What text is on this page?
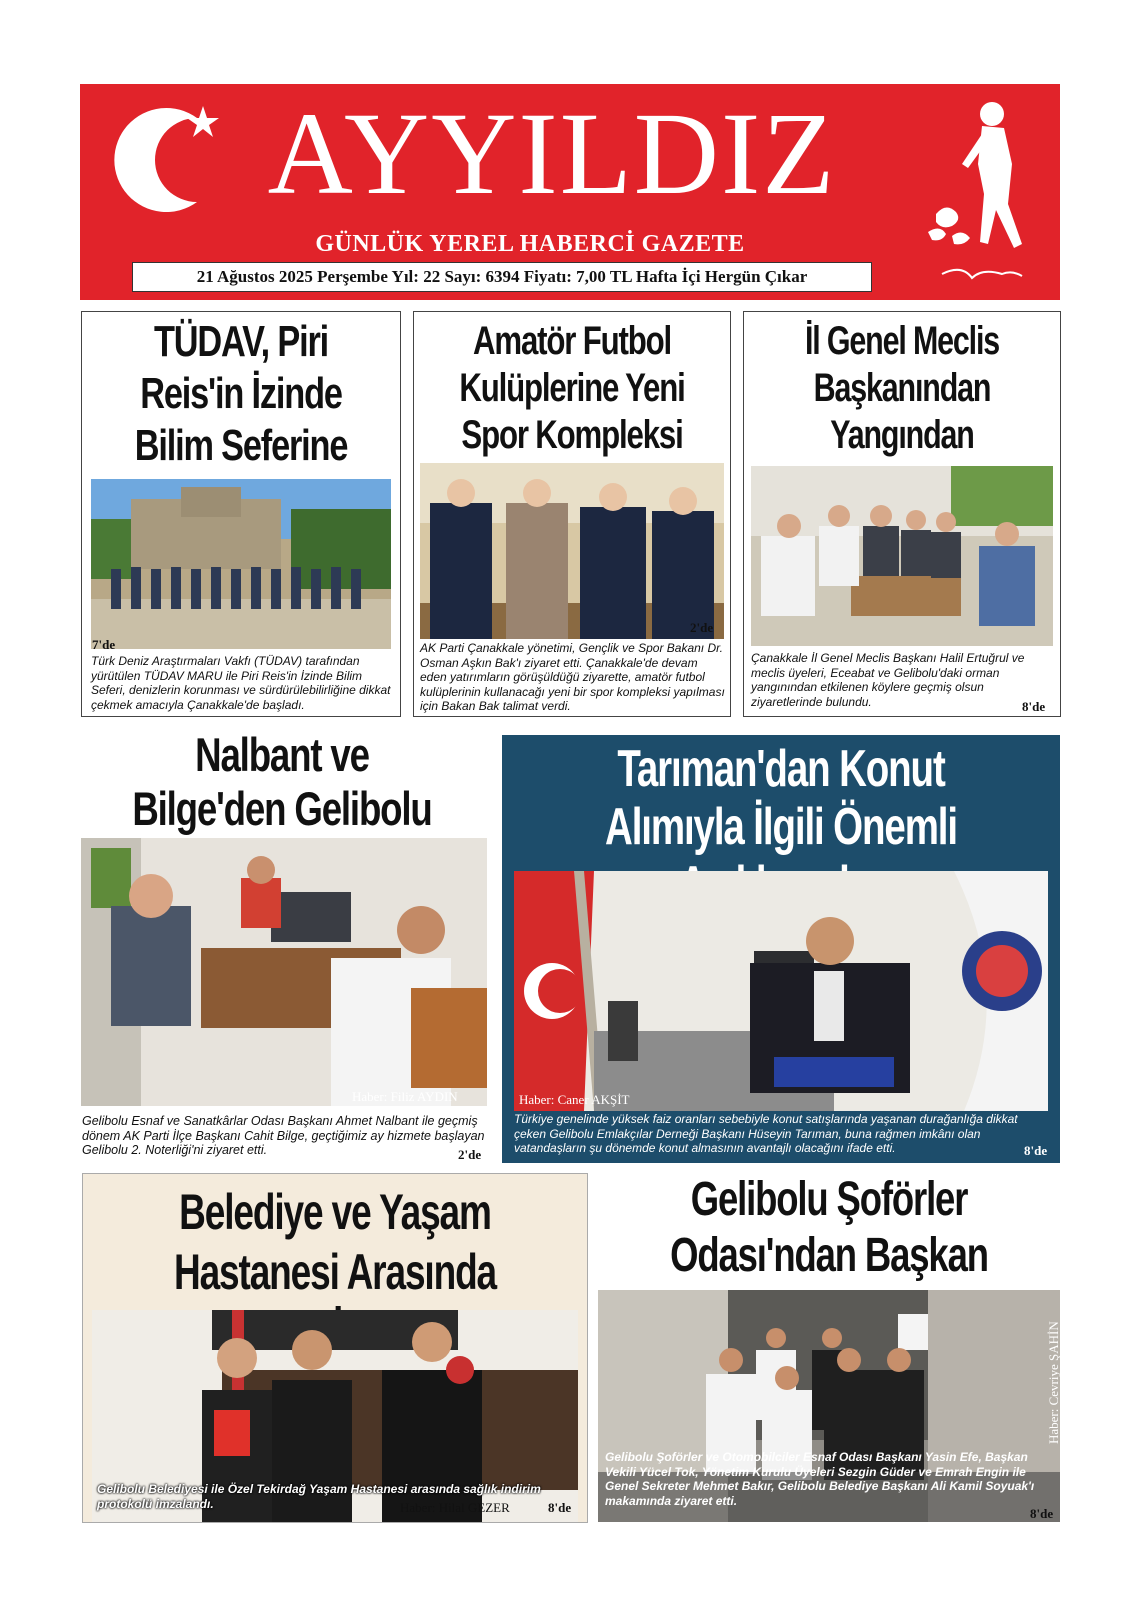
AYYILDIZ
GÜNLÜK YEREL HABERCİ GAZETE
21 Ağustos 2025 Perşembe Yıl: 22 Sayı: 6394 Fiyatı: 7,00 TL Hafta İçi Hergün Çıkar
TÜDAV, Piri Reis'in İzinde Bilim Seferine
7'de
Türk Deniz Araştırmaları Vakfı (TÜDAV) tarafından yürütülen TÜDAV MARU ile Piri Reis'in İzinde Bilim Seferi, denizlerin korunması ve sürdürülebilirliğine dikkat çekmek amacıyla Çanakkale'de başladı.
Amatör Futbol Kulüplerine Yeni Spor Kompleksi
2'de
AK Parti Çanakkale yönetimi, Gençlik ve Spor Bakanı Dr. Osman Aşkın Bak'ı ziyaret etti. Çanakkale'de devam eden yatırımların görüşüldüğü ziyarette, amatör futbol kulüplerinin kullanacağı yeni bir spor kompleksi yapılması için Bakan Bak talimat verdi.
İl Genel Meclis Başkanından Yangından
Çanakkale İl Genel Meclis Başkanı Halil Ertuğrul ve meclis üyeleri, Eceabat ve Gelibolu'daki orman yangınından etkilenen köylere geçmiş olsun ziyaretlerinde bulundu.	8'de
Nalbant ve Bilge'den Gelibolu
Haber: Filiz AYDIN
Gelibolu Esnaf ve Sanatkârlar Odası Başkanı Ahmet Nalbant ile geçmiş dönem AK Parti İlçe Başkanı Cahit Bilge, geçtiğimiz ay hizmete başlayan Gelibolu 2. Noterliği'ni ziyaret etti.	2'de
Tarıman'dan Konut Alımıyla İlgili Önemli
Haber: Caner AKŞİT
Türkiye genelinde yüksek faiz oranları sebebiyle konut satışlarında yaşanan durağanlığa dikkat çeken Gelibolu Emlakçılar Derneği Başkanı Hüseyin Tarıman, buna rağmen imkânı olan vatandaşların şu dönemde konut almasının avantajlı olacağını ifade etti.	8'de
Belediye ve Yaşam Hastanesi Arasında
Gelibolu Belediyesi ile Özel Tekirdağ Yaşam Hastanesi arasında sağlık indirim protokolü imzalandı.	Haber: Hilal GEZER	8'de
Gelibolu Şoförler Odası'ndan Başkan
Haber: Cevriye ŞAHİN
Gelibolu Şoförler ve Otomobilciler Esnaf Odası Başkanı Yasin Efe, Başkan Vekili Yücel Tok, Yönetim Kurulu Üyeleri Sezgin Güder ve Emrah Engin ile Genel Sekreter Mehmet Bakır, Gelibolu Belediye Başkanı Ali Kamil Soyuak'ı makamında ziyaret etti.
8'de
